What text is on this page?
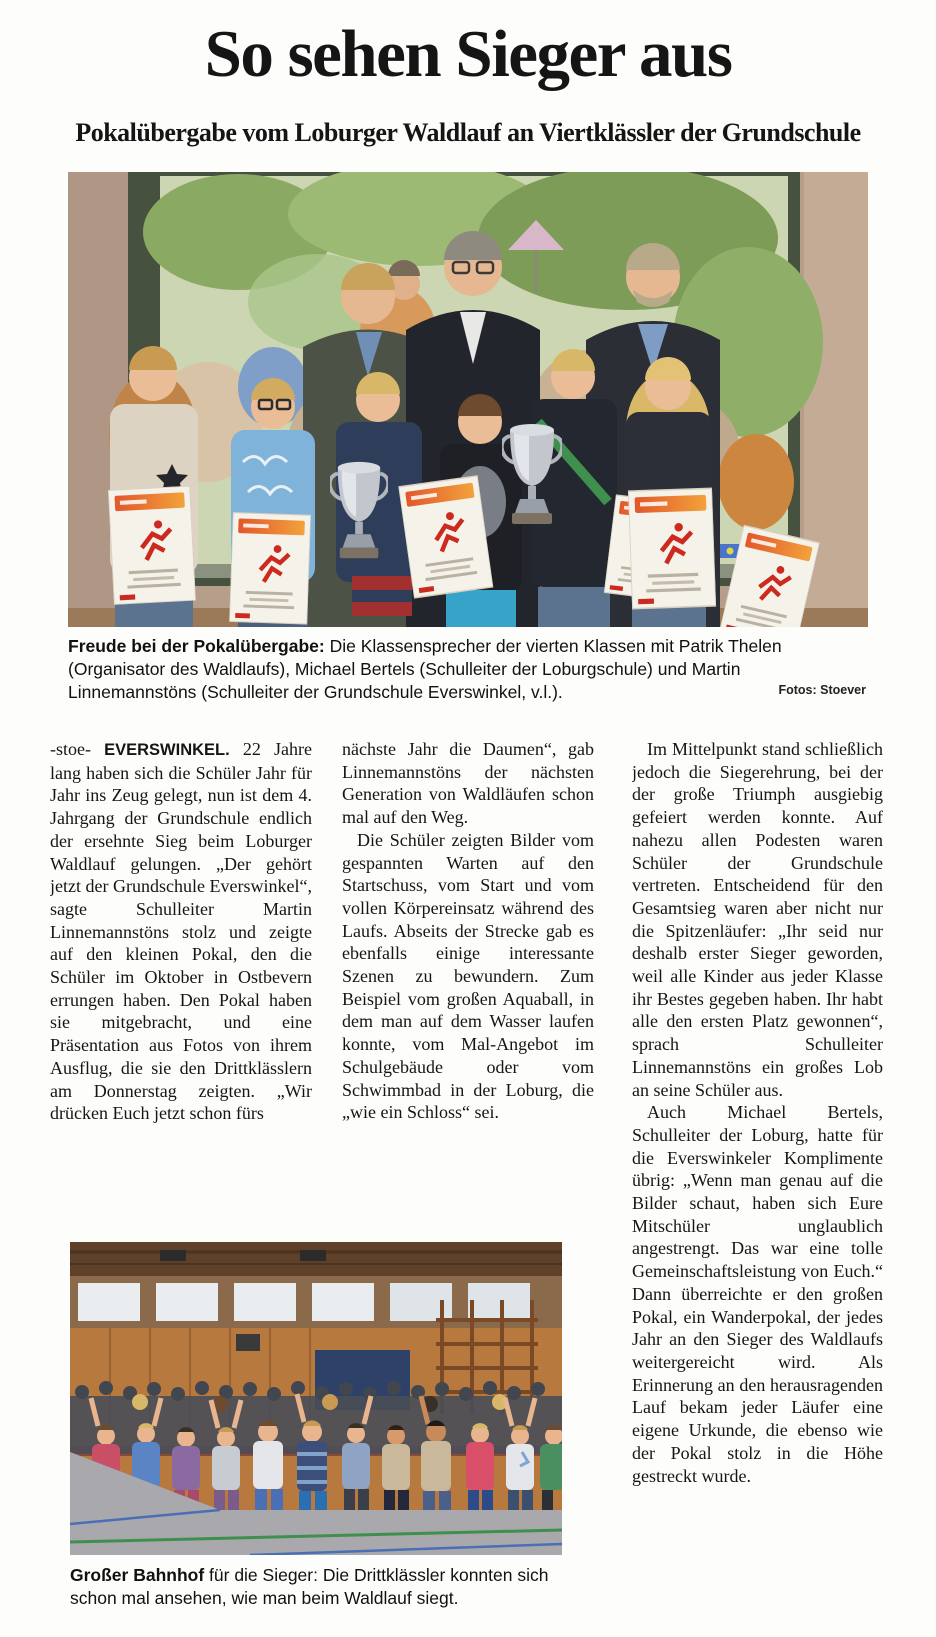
So sehen Sieger aus
Pokalübergabe vom Loburger Waldlauf an Viertklässler der Grundschule
Freude bei der Pokalübergabe: Die Klassensprecher der vierten Klassen mit Patrik Thelen (Organisator des Waldlaufs), Michael Bertels (Schulleiter der Loburgschule) und Martin Linnemannstöns (Schulleiter der Grundschule Everswinkel, v.l.).	Fotos: Stoever

-stoe- EVERSWINKEL. 22 Jahre lang haben sich die Schüler Jahr für Jahr ins Zeug gelegt, nun ist dem 4. Jahrgang der Grundschule endlich der ersehnte Sieg beim Loburger Waldlauf gelungen. „Der gehört jetzt der Grundschule Everswinkel“, sagte Schulleiter Martin Linnemannstöns stolz und zeigte auf den kleinen Pokal, den die Schüler im Oktober in Ostbevern errungen haben. Den Pokal haben sie mitgebracht, und eine Präsentation aus Fotos von ihrem Ausflug, die sie den Drittklässlern am Donnerstag zeigten. „Wir drücken Euch jetzt schon fürs

nächste Jahr die Daumen“, gab Linnemannstöns der nächsten Generation von Waldläufen schon mal auf den Weg.

Die Schüler zeigten Bilder vom gespannten Warten auf den Startschuss, vom Start und vom vollen Körpereinsatz während des Laufs. Abseits der Strecke gab es ebenfalls einige interessante Szenen zu bewundern. Zum Beispiel vom großen Aquaball, in dem man auf dem Wasser laufen konnte, vom Mal-Angebot im Schulgebäude oder vom Schwimmbad in der Loburg, die „wie ein Schloss“ sei.

Im Mittelpunkt stand schließlich jedoch die Siegerehrung, bei der der große Triumph ausgiebig gefeiert werden konnte. Auf nahezu allen Podesten waren Schüler der Grundschule vertreten. Entscheidend für den Gesamtsieg waren aber nicht nur die Spitzenläufer: „Ihr seid nur deshalb erster Sieger geworden, weil alle Kinder aus jeder Klasse ihr Bestes gegeben haben. Ihr habt alle den ersten Platz gewonnen“, sprach Schulleiter Linnemannstöns ein großes Lob an seine Schüler aus.

Auch Michael Bertels, Schulleiter der Loburg, hatte für die Everswinkeler Komplimente übrig: „Wenn man genau auf die Bilder schaut, haben sich Eure Mitschüler unglaublich angestrengt. Das war eine tolle Gemeinschaftsleistung von Euch.“ Dann überreichte er den großen Pokal, ein Wanderpokal, der jedes Jahr an den Sieger des Waldlaufs weitergereicht wird. Als Erinnerung an den herausragenden Lauf bekam jeder Läufer eine eigene Urkunde, die ebenso wie der Pokal stolz in die Höhe gestreckt wurde.

Großer Bahnhof für die Sieger: Die Drittklässler konnten sich schon mal ansehen, wie man beim Waldlauf siegt.
